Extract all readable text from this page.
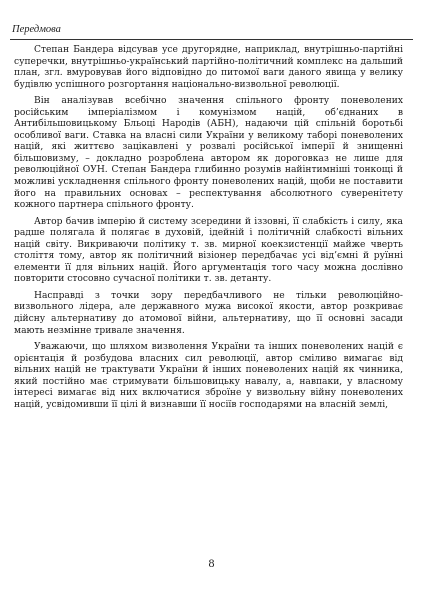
Передмова

Степан Бандера відсував усе другорядне, наприклад, внутрішньо-партійні суперечки, внутрішньо-український партійно-політичний комплекс на дальший план, згл. вмуровував його відповідно до питомої ваги даного явища у велику будівлю успішного розгортання національно-визвольної революції.

Він аналізував всебічно значення спільного фронту поневолених російським імперіалізмом і комунізмом націй, об’єднаних в Антибільшовицькому Бльоці Народів (АБН), надаючи цій спільній боротьбі особливої ваги. Ставка на власні сили України у великому таборі поневолених націй, які життєво зацікавлені у розвалі російської імперії й знищенні більшовизму, – докладно розроблена автором як дороговказ не лише для революційної ОУН. Степан Бандера глибинно розумів найінтимніші тонкощі й можливі ускладнення спільного фронту поневолених націй, щоби не поставити його на правильних основах – респектування абсолютного суверенітету кожного партнера спільного фронту.

Автор бачив імперію й систему зсередини й іззовні, її слабкість і силу, яка радше полягала й полягає в духовій, ідейній і політичній слабкості вільних націй світу. Викриваючи політику т. зв. мирної коекзистенції майже чверть століття тому, автор як політичний візіонер передбачає усі від’ємні й руїнні елементи її для вільних націй. Його аргументація того часу можна дослівно повторити стосовно сучасної політики т. зв. детанту.

Насправді з точки зору передбачливого не тільки революційно-визвольного лідера, але державного мужа високої якости, автор розкриває дійсну альтернативу до атомової війни, альтернативу, що її основні засади мають незмінне тривале значення.

Уважаючи, що шляхом визволення України та інших поневолених націй є орієнтація й розбудова власних сил революції, автор сміливо вимагає від вільних націй не трактувати України й інших поневолених націй як чинника, який постійно має стримувати більшовицьку навалу, а, навпаки, у власному інтересі вимагає від них включатися зброїне у визвольну війну поневолених націй, усвідомивши її цілі й визнавши її носіїв господарями на власній землі,

8
